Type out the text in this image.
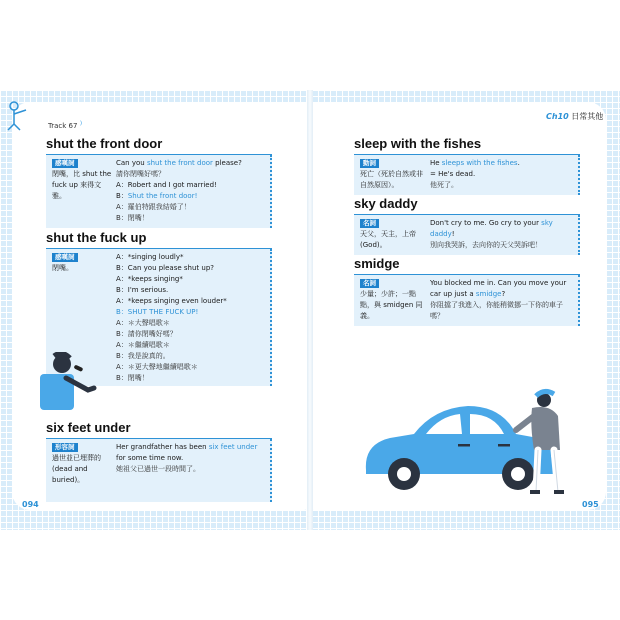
Track 67 ⁾
Ch10 日常其他
shut the front door
感嘆詞
閉嘴，比 shut the fuck up 來得文雅。
Can you shut the front door please?
請你閉嘴好嗎？
A：Robert and I got married!
B：Shut the front door!
A：羅伯特跟我結婚了！
B：閉嘴！
shut the fuck up
感嘆詞
閉嘴。
A：*singing loudly*
B：Can you please shut up?
A：*keeps singing*
B：I'm serious.
A：*keeps singing even louder*
B：SHUT THE FUCK UP!
A：＊大聲唱歌＊
B：請你閉嘴好嗎？
A：＊繼續唱歌＊
B：我是說真的。
A：＊更大聲地繼續唱歌＊
B：閉嘴！
six feet under
形容詞
過世並已埋葬的 (dead and buried)。
Her grandfather has been six feet under for some time now.
她祖父已過世一段時間了。
sleep with the fishes
動詞
死亡（死於自然或非自然原因）。
He sleeps with the fishes.
= He's dead.
他死了。
sky daddy
名詞
天父，天主，上帝 (God)。
Don't cry to me. Go cry to your sky daddy!
別向我哭訴，去向你的天父哭訴吧！
smidge
名詞
少量；少許；一點點，與 smidgen 同義。
You blocked me in. Can you move your car up just a smidge?
你阻擋了我進入，你能稍微挪一下你的車子嗎？
094	095
